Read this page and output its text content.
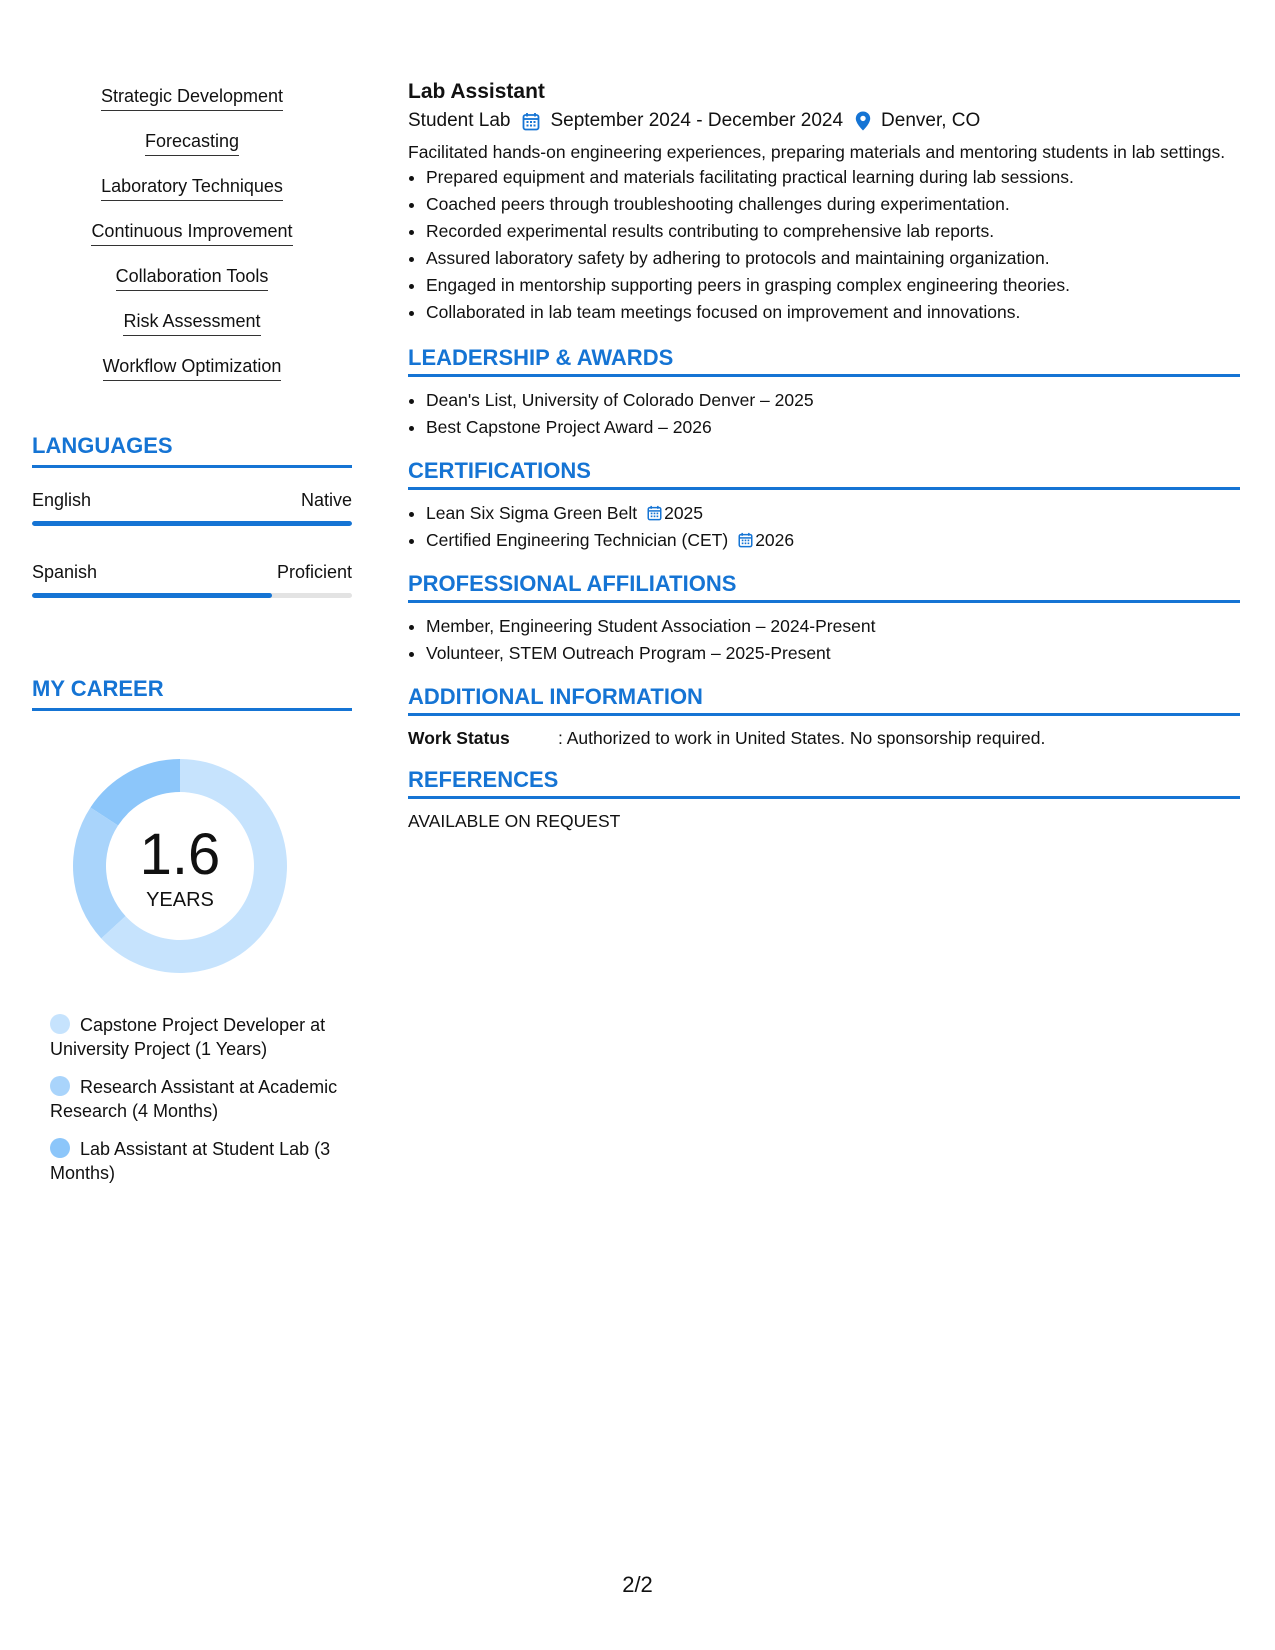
Strategic Development
Forecasting
Laboratory Techniques
Continuous Improvement
Collaboration Tools
Risk Assessment
Workflow Optimization
LANGUAGES
English	Native
Spanish	Proficient
MY CAREER
1.6
YEARS
Capstone Project Developer at University Project (1 Years)
Research Assistant at Academic Research (4 Months)
Lab Assistant at Student Lab (3 Months)
Lab Assistant
Student Lab September 2024 - December 2024 Denver, CO
Facilitated hands-on engineering experiences, preparing materials and mentoring students in lab settings.
• Prepared equipment and materials facilitating practical learning during lab sessions.
• Coached peers through troubleshooting challenges during experimentation.
• Recorded experimental results contributing to comprehensive lab reports.
• Assured laboratory safety by adhering to protocols and maintaining organization.
• Engaged in mentorship supporting peers in grasping complex engineering theories.
• Collaborated in lab team meetings focused on improvement and innovations.
LEADERSHIP & AWARDS
• Dean's List, University of Colorado Denver – 2025
• Best Capstone Project Award – 2026
CERTIFICATIONS
• Lean Six Sigma Green Belt 2025
• Certified Engineering Technician (CET) 2026
PROFESSIONAL AFFILIATIONS
• Member, Engineering Student Association – 2024-Present
• Volunteer, STEM Outreach Program – 2025-Present
ADDITIONAL INFORMATION
Work Status	: Authorized to work in United States. No sponsorship required.
REFERENCES
AVAILABLE ON REQUEST
2/2
